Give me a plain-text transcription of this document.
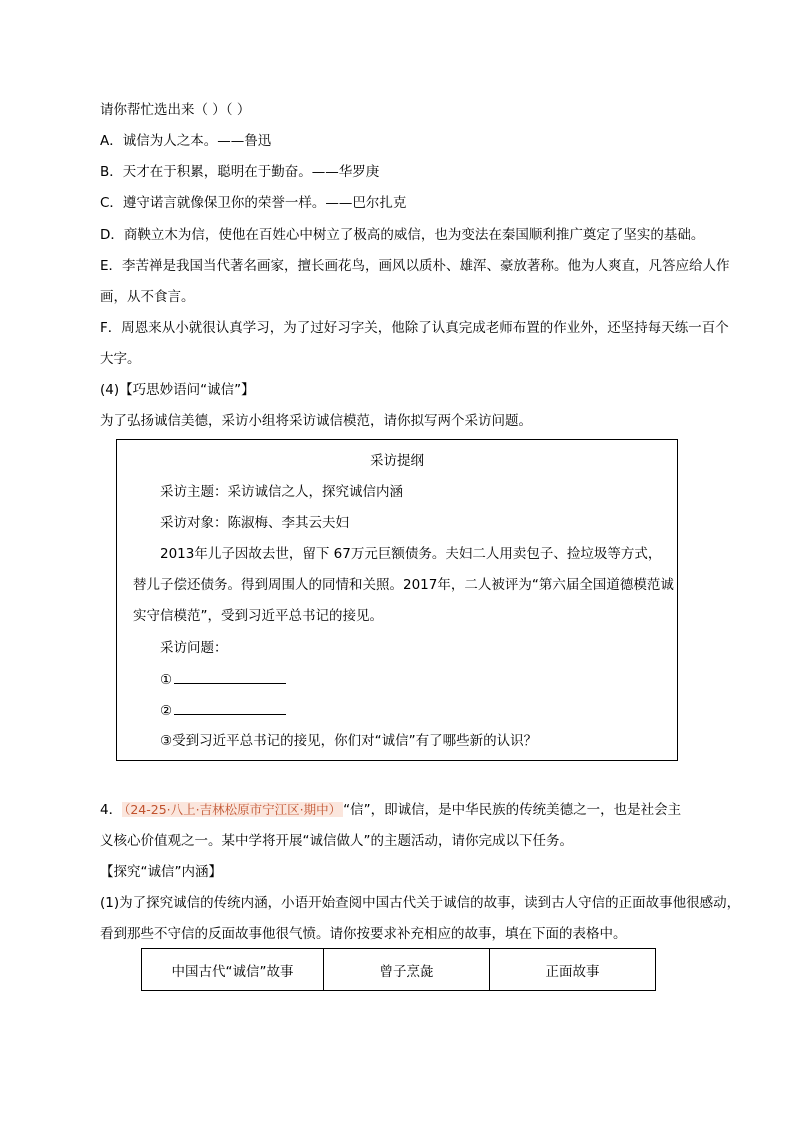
请你帮忙选出来（ ）（ ）
A．诚信为人之本。——鲁迅
B．天才在于积累，聪明在于勤奋。——华罗庚
C．遵守诺言就像保卫你的荣誉一样。——巴尔扎克
D．商鞅立木为信，使他在百姓心中树立了极高的威信，也为变法在秦国顺利推广奠定了坚实的基础。
E．李苦禅是我国当代著名画家，擅长画花鸟，画风以质朴、雄浑、豪放著称。他为人爽直，凡答应给人作
画，从不食言。
F．周恩来从小就很认真学习，为了过好习字关，他除了认真完成老师布置的作业外，还坚持每天练一百个
大字。
(4)【巧思妙语问“诚信”】
为了弘扬诚信美德，采访小组将采访诚信模范，请你拟写两个采访问题。
采访提纲
采访主题：采访诚信之人，探究诚信内涵
采访对象：陈淑梅、李其云夫妇
2013年儿子因故去世，留下 67万元巨额债务。夫妇二人用卖包子、捡垃圾等方式，
替儿子偿还债务。得到周围人的同情和关照。2017年，二人被评为“第六届全国道德模范诚
实守信模范”，受到习近平总书记的接见。
采访问题：
①
②
③受到习近平总书记的接见，你们对“诚信”有了哪些新的认识？
4． （24-25·八上·吉林松原市宁江区·期中） “信”，即诚信，是中华民族的传统美德之一，也是社会主
义核心价值观之一。某中学将开展“诚信做人”的主题活动，请你完成以下任务。
【探究“诚信”内涵】
(1)为了探究诚信的传统内涵，小语开始查阅中国古代关于诚信的故事，读到古人守信的正面故事他很感动，
看到那些不守信的反面故事他很气愤。请你按要求补充相应的故事，填在下面的表格中。
中国古代“诚信”故事	曾子烹彘	正面故事
